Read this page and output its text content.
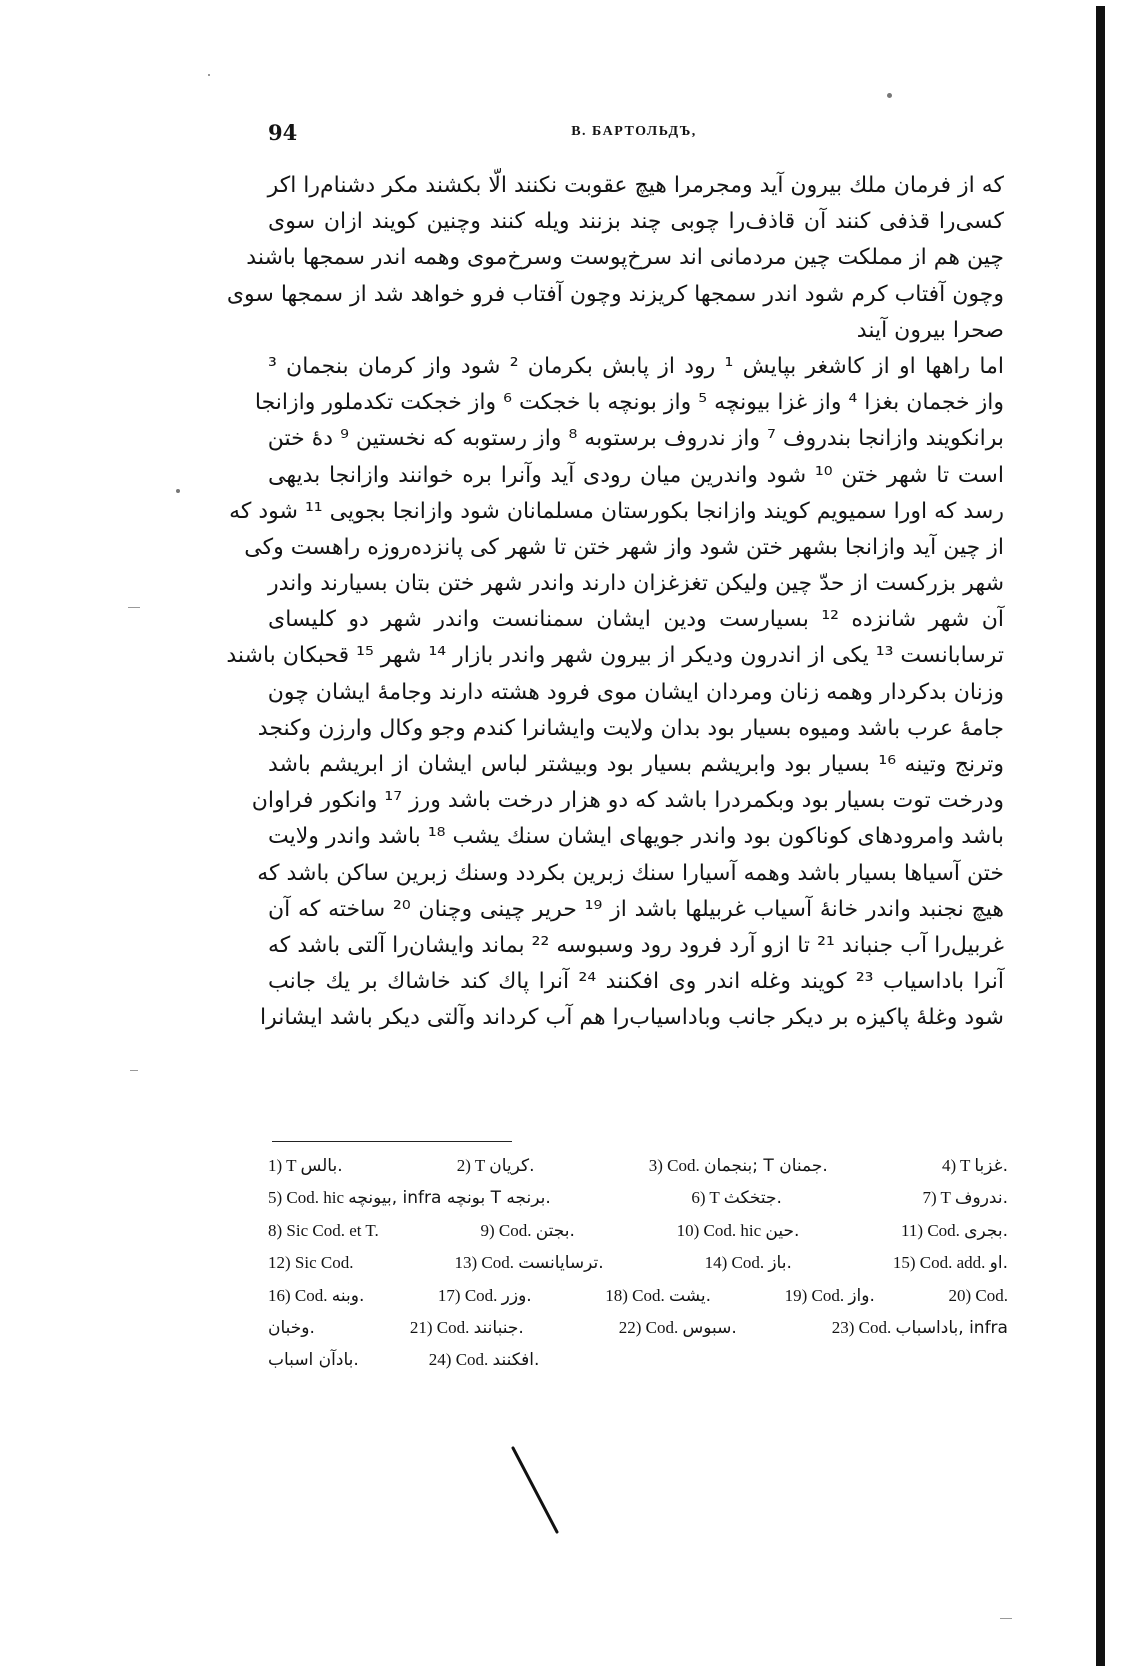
94	В. БАРТОЛЬДЪ,
که از فرمان ملك بیرون آید ومجرمرا هیچ عقوبت نکنند الّا بکشند مکر دشنام‌را اکر
کسی‌را قذفی کنند آن قاذف‌را چوبی چند بزنند ویله کنند وچنین کویند ازان سوی
چین هم از مملکت چین مردمانی اند سرخ‌پوست وسرخ‌موی وهمه اندر سمجها باشند
وچون آفتاب کرم شود اندر سمجها کریزند وچون آفتاب فرو خواهد شد از سمجها سوی
صحرا بیرون آیند
اما راهها او از کاشغر بپایش ¹ رود از پابش بکرمان ² شود واز کرمان بنجمان ³
واز خجمان بغزا ⁴ واز غزا بیونچه ⁵ واز بونچه با خجکت ⁶ واز خجکت تکدملور وازانجا
برانکویند وازانجا بندروف ⁷ واز ندروف برستوبه ⁸ واز رستوبه که نخستین ⁹ دهٔ ختن
است تا شهر ختن ¹⁰ شود واندرین میان رودی آید وآنرا بره خوانند وازانجا بدیهی
رسد که اورا سمیویم کویند وازانجا بکورستان مسلمانان شود وازانجا بجویی ¹¹ شود که
از چین آید وازانجا بشهر ختن شود واز شهر ختن تا شهر کی پانزده‌روزه راهست وکی
شهر بزرکست از حدّ چین ولیکن تغزغزان دارند واندر شهر ختن بتان بسیارند واندر
آن شهر شانزده ¹² بسیارست ودین ایشان سمنانست واندر شهر دو کلیسای
ترسابانست ¹³ یکی از اندرون ودیکر از بیرون شهر واندر بازار ¹⁴ شهر ¹⁵ قحبکان باشند
وزنان بدکردار وهمه زنان ومردان ایشان موی فرود هشته دارند وجامهٔ ایشان چون
جامهٔ عرب باشد ومیوه بسیار بود بدان ولایت وایشانرا کندم وجو وکال وارزن وکنجد
وترنج وتینه ¹⁶ بسیار بود وابریشم بسیار بود وبیشتر لباس ایشان از ابریشم باشد
ودرخت توت بسیار بود وبکمردرا باشد که دو هزار درخت باشد ورز ¹⁷ وانکور فراوان
باشد وامرودهای کوناکون بود واندر جویهای ایشان سنك یشب ¹⁸ باشد واندر ولایت
ختن آسیاها بسیار باشد وهمه آسیارا سنك زبرین بکردد وسنك زبرین ساکن باشد که
هیچ نجنبد واندر خانهٔ آسیاب غربیلها باشد از ¹⁹ حریر چینی وچنان ²⁰ ساخته که آن
غربیل‌را آب جنباند ²¹ تا ازو آرد فرود رود وسبوسه ²² بماند وایشان‌را آلتی باشد که
آنرا باداسیاب ²³ کویند وغله اندر وی افکنند ²⁴ آنرا پاك کند خاشاك بر یك جانب
شود وغلهٔ پاکیزه بر دیکر جانب وباداسیاب‌را هم آب کرداند وآلتی دیکر باشد ایشانرا
1) T بالس.	2) T کریان.	3) Cod. بنجمان; T جمنان.	4) T غزبا.
5) Cod. hic بیونچه, infra بونچه T برنجه.	6) T جتخکث.	7) T ندروف.
8) Sic Cod. et T.	9) Cod. بجتن.	10) Cod. hic حین.	11) Cod. بجری.
12) Sic Cod.	13) Cod. ترسایانست.	14) Cod. باز.	15) Cod. add. او.
16) Cod. وبنه.	17) Cod. وزر.	18) Cod. یشت.	19) Cod. واز.	20) Cod.
وخبان.	21) Cod. جنبانند.	22) Cod. سبوس.	23) Cod. باداسباب, infra
بادآن اسباب.	24) Cod. افکنند.
